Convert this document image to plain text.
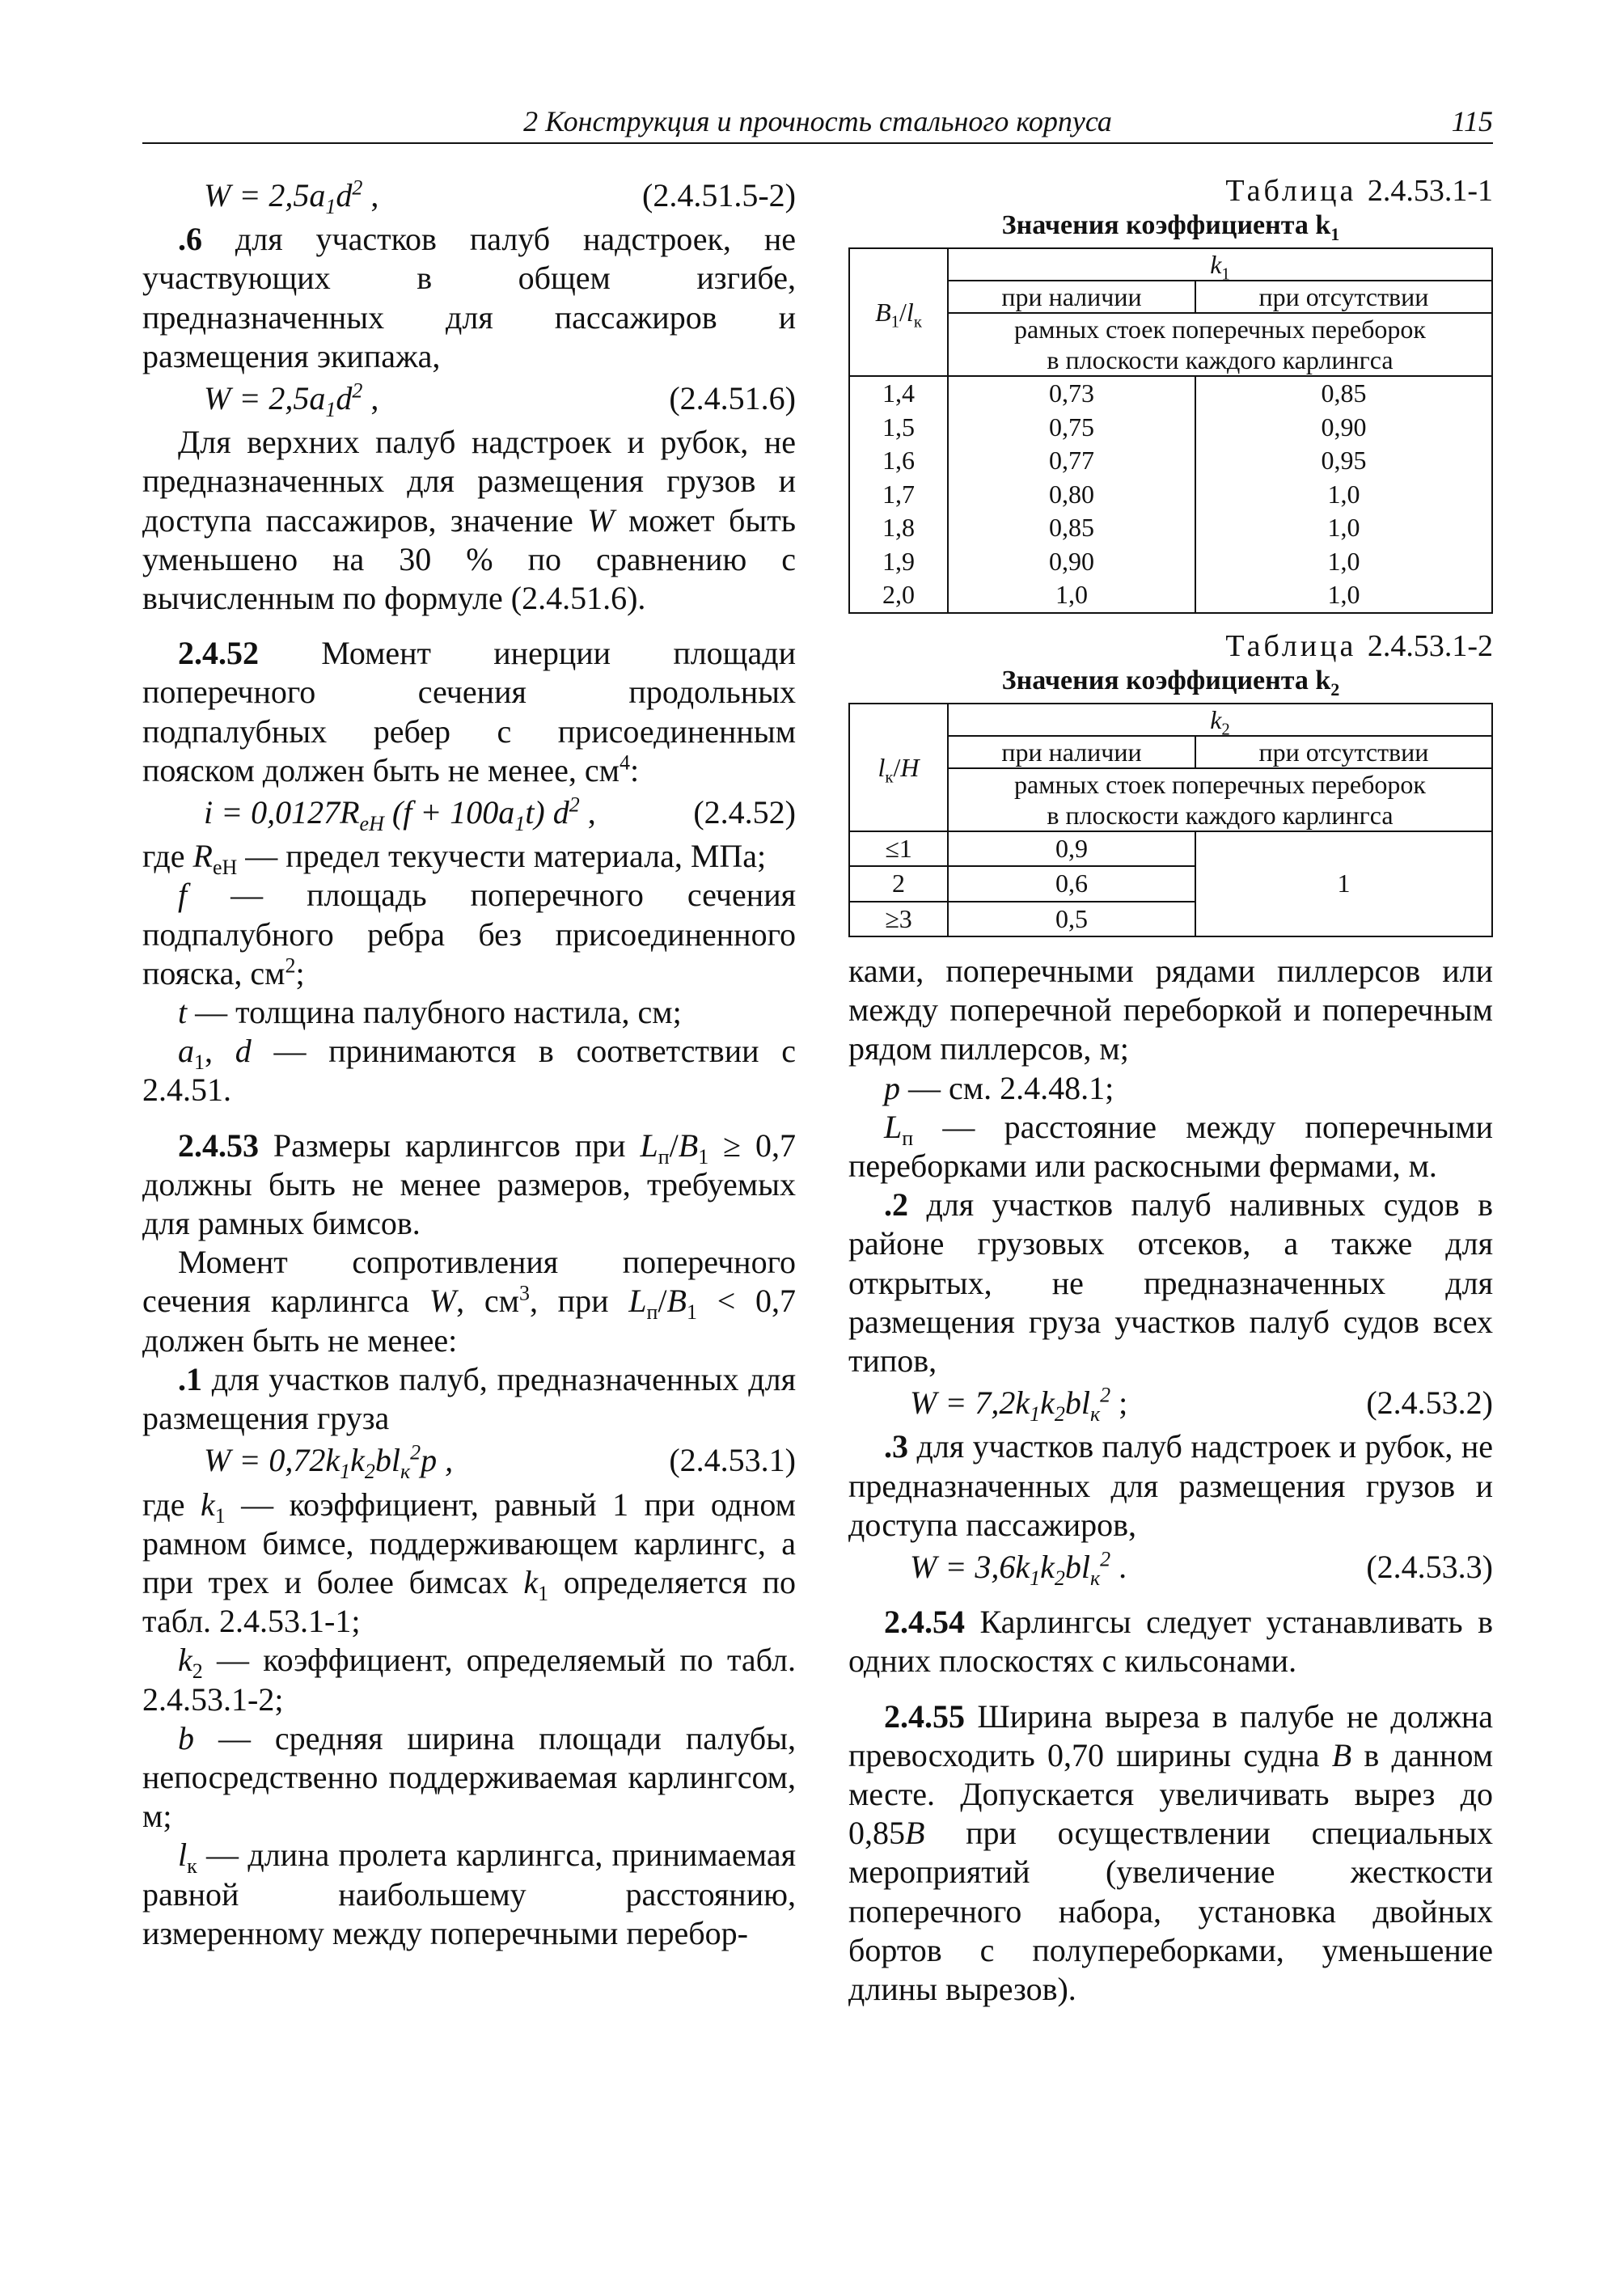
2 Конструкция и прочность стального корпуса	115
$W = 2,5a_1d^2$ ,	(2.4.51.5-2)

.6 для участков палуб надстроек, не участвующих в общем изгибе, предназначенных для пассажиров и размещения экипажа,

$W = 2,5a_1d^2$ ,	(2.4.51.6)

Для верхних палуб надстроек и рубок, не предназначенных для размещения грузов и доступа пассажиров, значение W может быть уменьшено на 30 % по сравнению с вычисленным по формуле (2.4.51.6).

2.4.52 Момент инерции площади поперечного сечения продольных подпалубных ребер с присоединенным пояском должен быть не менее, $см^4$:

$i = 0,0127R_{eH}$ $(f + 100a_1t)$ $d^2$ ,	(2.4.52)

где $R_{eH}$ — предел текучести материала, МПа;

f — площадь поперечного сечения подпалубного ребра без присоединенного пояска, $см^2$;

t — толщина палубного настила, см;

$a_1$, d — принимаются в соответствии с 2.4.51.

2.4.53 Размеры карлингсов при $L_п/B_1 \ge 0,7$ должны быть не менее размеров, требуемых для рамных бимсов.

Момент сопротивления поперечного сечения карлингса W, $см^3$, при $L_п/B_1 < 0,7$ должен быть не менее:

.1 для участков палуб, предназначенных для размещения груза

$W = 0,72k_1k_2bl_к^2p$ ,	(2.4.53.1)

где $k_1$ — коэффициент, равный 1 при одном рамном бимсе, поддерживающем карлингс, а при трех и более бимсах $k_1$ определяется по табл. 2.4.53.1-1;

$k_2$ — коэффициент, определяемый по табл. 2.4.53.1-2;

b — средняя ширина площади палубы, непосредственно поддерживаемая карлингсом, м;

$l_к$ — длина пролета карлингса, принимаемая равной наибольшему расстоянию, измеренному между поперечными перебор-

Таблица 2.4.53.1-1
Значения коэффициента $k_1$
$B_1/l_к$	$k_1$
	при наличии	при отсутствии

	рамных стоек поперечных переборок
в плоскости каждого карлингса	

1,4	0,73	0,85
1,5	0,75	0,90
1,6	0,77	0,95
1,7	0,80	1,0
1,8	0,85	1,0
1,9	0,90	1,0
2,0	1,0	1,0
Таблица 2.4.53.1-2
Значения коэффициента $k_2$
$l_к/H$	$k_2$
	при наличии	при отсутствии

	рамных стоек поперечных переборок
в плоскости каждого карлингса	

≤1	0,9	1
2	0,6	
≥3	0,5	

ками, поперечными рядами пиллерсов или между поперечной переборкой и поперечным рядом пиллерсов, м;

p — см. 2.4.48.1;

$L_п$ — расстояние между поперечными переборками или раскосными фермами, м.

.2 для участков палуб наливных судов в районе грузовых отсеков, а также для открытых, не предназначенных для размещения груза участков палуб судов всех типов,

$W = 7,2k_1k_2bl_к^2$ ;	(2.4.53.2)

.3 для участков палуб надстроек и рубок, не предназначенных для размещения грузов и доступа пассажиров,

$W = 3,6k_1k_2bl_к^2$ .	(2.4.53.3)

2.4.54 Карлингсы следует устанавливать в одних плоскостях с кильсонами.

2.4.55 Ширина выреза в палубе не должна превосходить 0,70 ширины судна B в данном месте. Допускается увеличивать вырез до 0,85B при осуществлении специальных мероприятий (увеличение жесткости поперечного набора, установка двойных бортов с полупереборками, уменьшение длины вырезов).
